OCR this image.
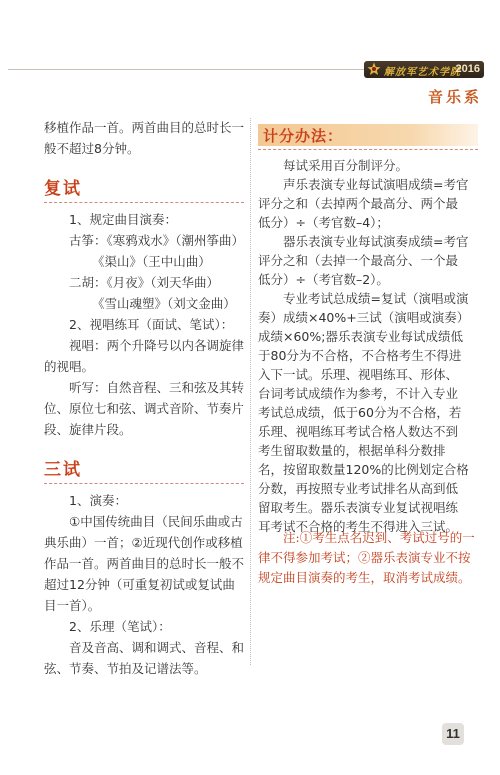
解放军艺术学院
2016
音乐系

移植作品一首。两首曲目的总时长一般不超过8分钟。

复试

1、规定曲目演奏：

古筝：《寒鸦戏水》（潮州筝曲）

《渠山》（王中山曲）

二胡：《月夜》（刘天华曲）

《雪山魂塑》（刘文金曲）

2、视唱练耳（面试、笔试）：

视唱：两个升降号以内各调旋律的视唱。

听写：自然音程、三和弦及其转位、原位七和弦、调式音阶、节奏片段、旋律片段。

三试

1、演奏：

①中国传统曲目（民间乐曲或古典乐曲）一首；②近现代创作或移植作品一首。两首曲目的总时长一般不超过12分钟（可重复初试或复试曲目一首）。

2、乐理（笔试）：

音及音高、调和调式、音程、和弦、节奏、节拍及记谱法等。

计分办法：

每试采用百分制评分。

声乐表演专业每试演唱成绩=考官评分之和（去掉两个最高分、两个最低分）÷（考官数–4）；

器乐表演专业每试演奏成绩=考官评分之和（去掉一个最高分、一个最低分）÷（考官数–2）。

专业考试总成绩=复试（演唱或演奏）成绩×40%+三试（演唱或演奏）成绩×60%;器乐表演专业每试成绩低于80分为不合格，不合格考生不得进入下一试。乐理、视唱练耳、形体、台词考试成绩作为参考，不计入专业考试总成绩，低于60分为不合格，若乐理、视唱练耳考试合格人数达不到考生留取数量的，根据单科分数排名，按留取数量120%的比例划定合格分数，再按照专业考试排名从高到低留取考生。器乐表演专业复试视唱练耳考试不合格的考生不得进入三试。

注:①考生点名迟到、考试过号的一律不得参加考试；②器乐表演专业不按规定曲目演奏的考生，取消考试成绩。

11
